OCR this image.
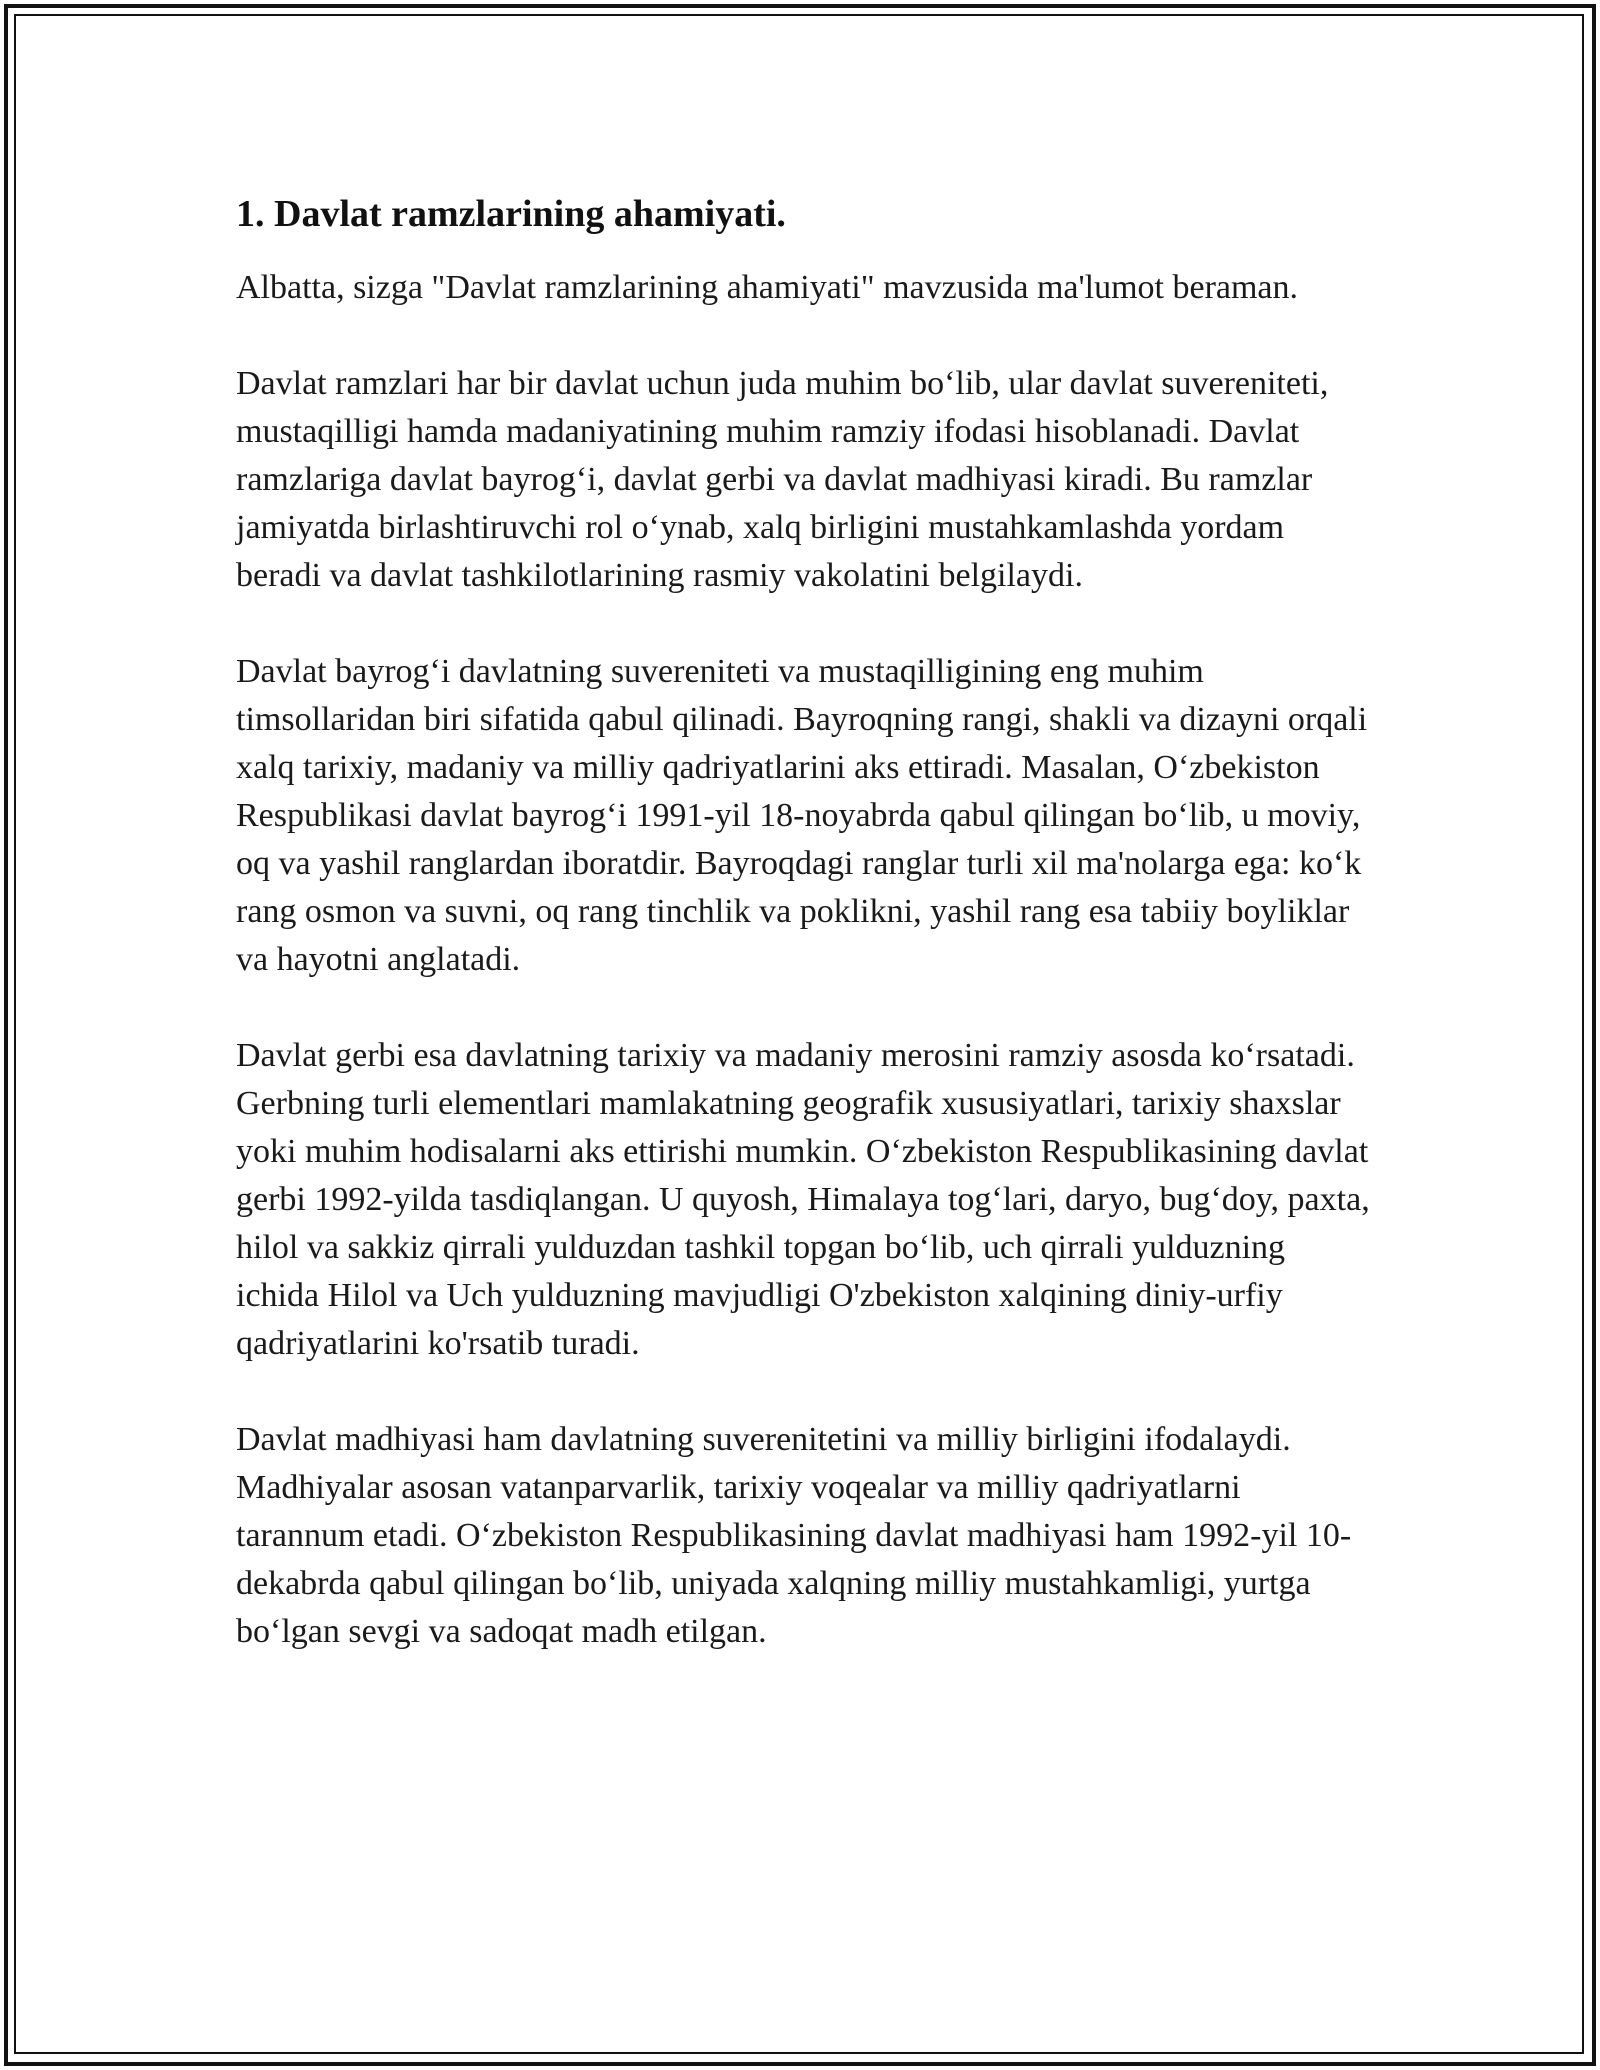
1. Davlat ramzlarining ahamiyati.

Albatta, sizga "Davlat ramzlarining ahamiyati" mavzusida ma'lumot beraman.

Davlat ramzlari har bir davlat uchun juda muhim bo‘lib, ular davlat suvereniteti, mustaqilligi hamda madaniyatining muhim ramziy ifodasi hisoblanadi. Davlat ramzlariga davlat bayrog‘i, davlat gerbi va davlat madhiyasi kiradi. Bu ramzlar jamiyatda birlashtiruvchi rol o‘ynab, xalq birligini mustahkamlashda yordam beradi va davlat tashkilotlarining rasmiy vakolatini belgilaydi.

Davlat bayrog‘i davlatning suvereniteti va mustaqilligining eng muhim timsollaridan biri sifatida qabul qilinadi. Bayroqning rangi, shakli va dizayni orqali xalq tarixiy, madaniy va milliy qadriyatlarini aks ettiradi. Masalan, O‘zbekiston Respublikasi davlat bayrog‘i 1991-yil 18-noyabrda qabul qilingan bo‘lib, u moviy, oq va yashil ranglardan iboratdir. Bayroqdagi ranglar turli xil ma'nolarga ega: ko‘k rang osmon va suvni, oq rang tinchlik va poklikni, yashil rang esa tabiiy boyliklar va hayotni anglatadi.

Davlat gerbi esa davlatning tarixiy va madaniy merosini ramziy asosda ko‘rsatadi. Gerbning turli elementlari mamlakatning geografik xususiyatlari, tarixiy shaxslar yoki muhim hodisalarni aks ettirishi mumkin. O‘zbekiston Respublikasining davlat gerbi 1992-yilda tasdiqlangan. U quyosh, Himalaya tog‘lari, daryo, bug‘doy, paxta, hilol va sakkiz qirrali yulduzdan tashkil topgan bo‘lib, uch qirrali yulduzning ichida Hilol va Uch yulduzning mavjudligi O'zbekiston xalqining diniy-urfiy qadriyatlarini ko'rsatib turadi.

Davlat madhiyasi ham davlatning suverenitetini va milliy birligini ifodalaydi. Madhiyalar asosan vatanparvarlik, tarixiy voqealar va milliy qadriyatlarni tarannum etadi. O‘zbekiston Respublikasining davlat madhiyasi ham 1992-yil 10-dekabrda qabul qilingan bo‘lib, uniyada xalqning milliy mustahkamligi, yurtga bo‘lgan sevgi va sadoqat madh etilgan.
